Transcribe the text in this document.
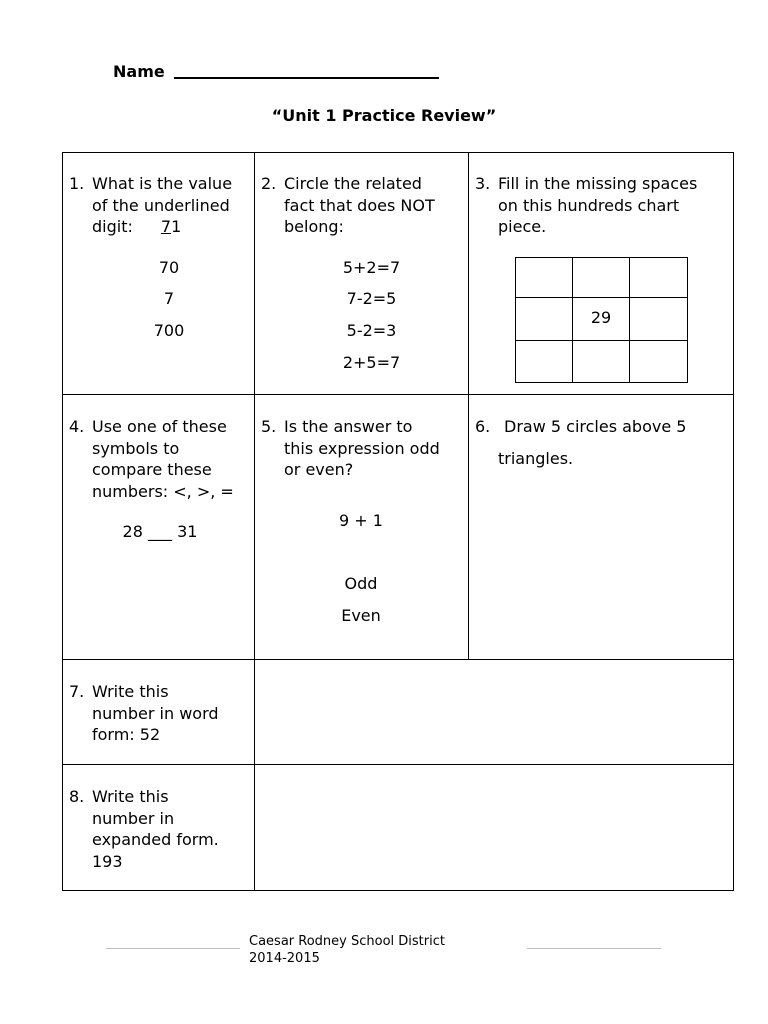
Name
“Unit 1 Practice Review”
1. What is the value
of the underlined
digit: 71
70
7
700
2. Circle the related
fact that does NOT
belong:
5+2=7
7-2=5
5-2=3
2+5=7
3. Fill in the missing spaces
on this hundreds chart
piece.
29
4. Use one of these
symbols to
compare these
numbers: <, >, =
28 ___ 31
5. Is the answer to
this expression odd
or even?
9 + 1
Odd
Even
6. Draw 5 circles above 5
triangles.
7. Write this
number in word
form: 52
8. Write this
number in
expanded form.
193
Caesar Rodney School District
2014-2015
